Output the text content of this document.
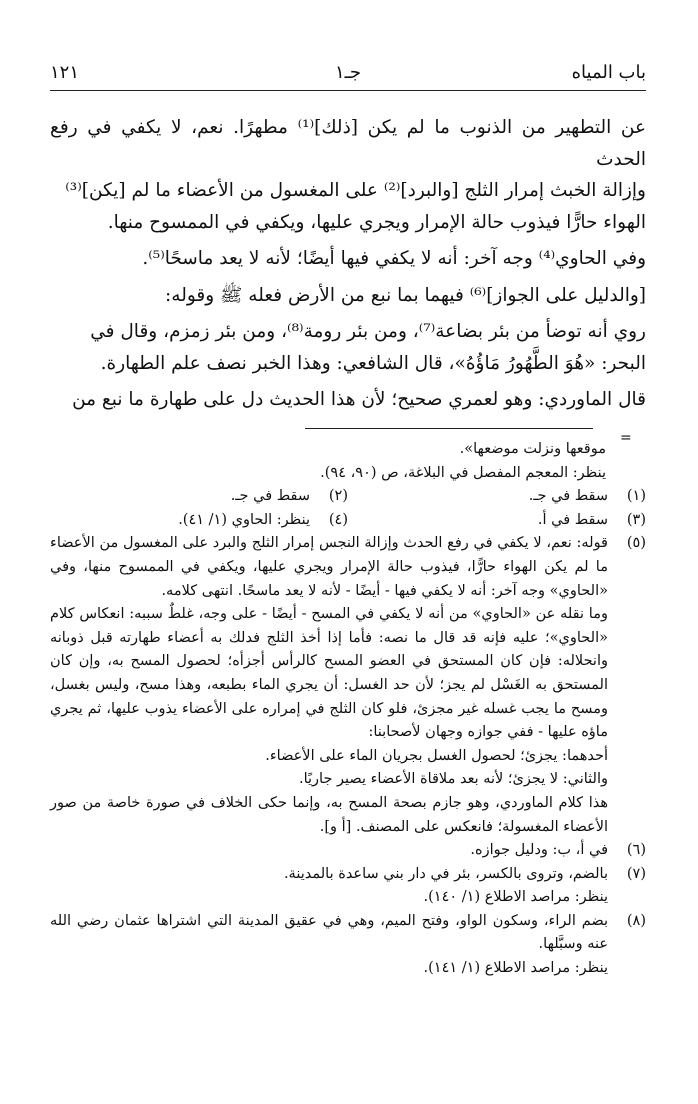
باب المياه
جـ١
١٢١

عن التطهير من الذنوب ما لم يكن [ذلك]⁽¹⁾ مطهرًا. نعم، لا يكفي في رفع الحدث

وإزالة الخبث إمرار الثلج [والبرد]⁽²⁾ على المغسول من الأعضاء ما لم [يكن]⁽³⁾

الهواء حارًّا فيذوب حالة الإمرار ويجري عليها، ويكفي في الممسوح منها.

وفي الحاوي⁽⁴⁾ وجه آخر: أنه لا يكفي فيها أيضًا؛ لأنه لا يعد ماسحًا⁽⁵⁾.

[والدليل على الجواز]⁽⁶⁾ فيهما بما نبع من الأرض فعله ﷺ وقوله:

روي أنه توضأ من بئر بضاعة⁽⁷⁾، ومن بئر رومة⁽⁸⁾، ومن بئر زمزم، وقال في

البحر: «هُوَ الطَّهُورُ مَاؤُهُ»، قال الشافعي: وهذا الخبر نصف علم الطهارة.

قال الماوردي: وهو لعمري صحيح؛ لأن هذا الحديث دل على طهارة ما نبع من

=
موقعها ونزلت موضعها».
ينظر: المعجم المفصل في البلاغة، ص (٩٠، ٩٤).
(١)
سقط في جـ.
(٢)
سقط في جـ.
(٣)
سقط في أ.
(٤)
ينظر: الحاوي (١/ ٤١).
(٥)

قوله: نعم، لا يكفي في رفع الحدث وإزالة النجس إمرار الثلج والبرد على المغسول من الأعضاء ما لم يكن الهواء حارًّا، فيذوب حالة الإمرار ويجري عليها، ويكفي في الممسوح منها، وفي «الحاوي» وجه آخر: أنه لا يكفي فيها - أيضًا - لأنه لا يعد ماسحًا. انتهى كلامه.

وما نقله عن «الحاوي» من أنه لا يكفي في المسح - أيضًا - على وجه، غلطٌ سببه: انعكاس كلام «الحاوي»؛ عليه فإنه قد قال ما نصه: فأما إذا أخذ الثلج فدلك به أعضاء طهارته قبل ذوبانه وانحلاله: فإن كان المستحق في العضو المسح كالرأس أجزأه؛ لحصول المسح به، وإن كان المستحق به الغَسْل لم يجز؛ لأن حد الغسل: أن يجري الماء بطبعه، وهذا مسح، وليس بغسل، ومسح ما يجب غسله غير مجزئ، فلو كان الثلج في إمراره على الأعضاء يذوب عليها، ثم يجري ماؤه عليها - ففي جوازه وجهان لأصحابنا:

أحدهما: يجزئ؛ لحصول الغسل بجريان الماء على الأعضاء.

والثاني: لا يجزئ؛ لأنه بعد ملاقاة الأعضاء يصير جاريًا.

هذا كلام الماوردي، وهو جازم بصحة المسح به، وإنما حكى الخلاف في صورة خاصة من صور الأعضاء المغسولة؛ فانعكس على المصنف. [أ و].

(٦)

في أ، ب: ودليل جوازه.

(٧)

بالضم، وتروى بالكسر، بئر في دار بني ساعدة بالمدينة.

ينظر: مراصد الاطلاع (١/ ١٤٠).

(٨)

بضم الراء، وسكون الواو، وفتح الميم، وهي في عقيق المدينة التي اشتراها عثمان رضي الله عنه وسبَّلها.

ينظر: مراصد الاطلاع (١/ ١٤١).
